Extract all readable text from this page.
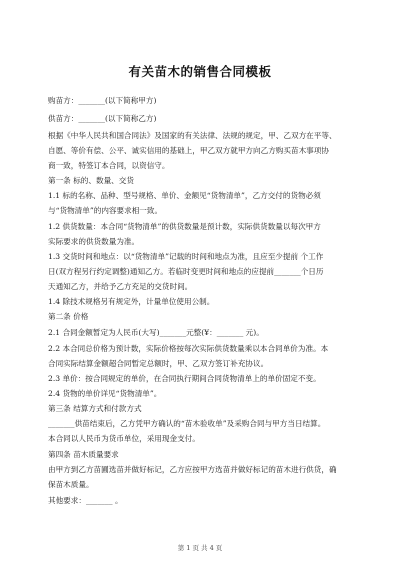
有关苗木的销售合同模板
购苗方：_______(以下简称甲方)
供苗方：_______(以下简称乙方)
根据《中华人民共和国合同法》及国家的有关法律、法规的规定，甲、乙双方在平等、
自愿、等价有偿、公平、诚实信用的基础上，甲乙双方就甲方向乙方购买苗木事项协
商一致，特签订本合同，以资信守。
第一条 标的、数量、交货
1.1 标的名称、品种、型号规格、单价、金额见“货物清单”，乙方交付的货物必须
与“货物清单”的内容要求相一致。
1.2 供货数量：本合同“货物清单”的供货数量是预计数，实际供货数量以每次甲方
实际要求的供货数量为准。
1.3 交货时间和地点：以“货物清单”记载的时间和地点为准，且应至少提前 个工作
日(双方程另行约定调整)通知乙方。若临时变更时间和地点的应提前_______个日历
天通知乙方，并给予乙方充足的交货时间。
1.4 除技术规格另有规定外，计量单位使用公制。
第二条 价格
2.1 合同金额暂定为人民币(大写)_______元整(¥：_______ 元)。
2.2 本合同总价格为预计数，实际价格按每次实际供货数量乘以本合同单价为准。本
合同实际结算金额超合同暂定总额时，甲、乙双方签订补充协议。
2.3 单价：按合同规定的单价，在合同执行期间合同货物清单上的单价固定不变。
2.4 货物的单价详见“货物清单”。
第三条 结算方式和付款方式
_______供苗结束后，乙方凭甲方确认的“苗木验收单”及采购合同与甲方当日结算。
本合同以人民币为货币单位，采用现金支付。
第四条 苗木质量要求
由甲方到乙方苗圃选苗并做好标记，乙方应按甲方选苗并做好标记的苗木进行供货，确
保苗木质量。
其他要求：_______ 。
第 1 页 共 4 页
